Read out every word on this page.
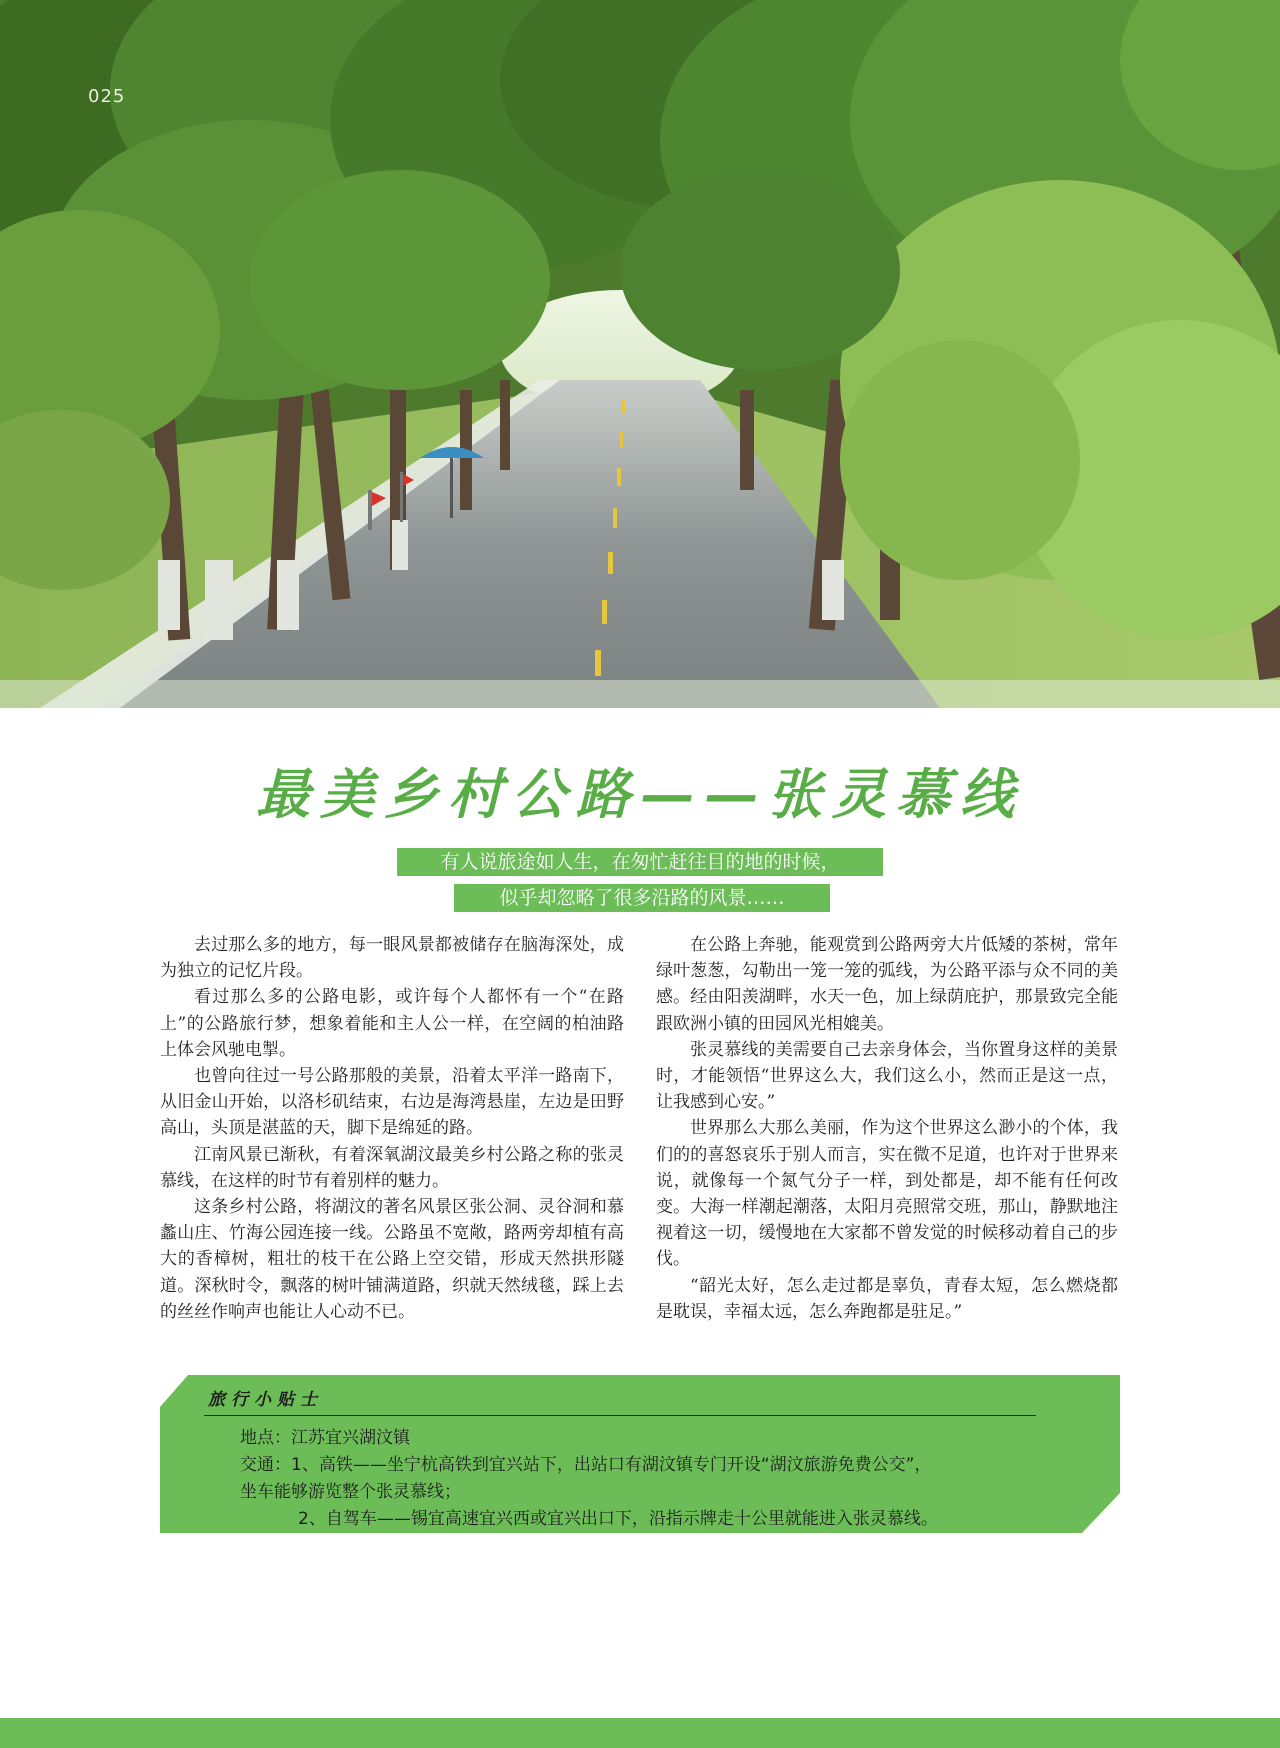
025
最美乡村公路——张灵慕线
有人说旅途如人生，在匆忙赶往目的地的时候，
似乎却忽略了很多沿路的风景……

去过那么多的地方，每一眼风景都被储存在脑海深处，成为独立的记忆片段。

看过那么多的公路电影，或许每个人都怀有一个“在路上”的公路旅行梦，想象着能和主人公一样，在空阔的柏油路上体会风驰电掣。

也曾向往过一号公路那般的美景，沿着太平洋一路南下，从旧金山开始，以洛杉矶结束，右边是海湾悬崖，左边是田野高山，头顶是湛蓝的天，脚下是绵延的路。

江南风景已渐秋，有着深氧湖汶最美乡村公路之称的张灵慕线，在这样的时节有着别样的魅力。

这条乡村公路，将湖汶的著名风景区张公洞、灵谷洞和慕蠡山庄、竹海公园连接一线。公路虽不宽敞，路两旁却植有高大的香樟树，粗壮的枝干在公路上空交错，形成天然拱形隧道。深秋时令，飘落的树叶铺满道路，织就天然绒毯，踩上去的丝丝作响声也能让人心动不已。

在公路上奔驰，能观赏到公路两旁大片低矮的茶树，常年绿叶葱葱，勾勒出一笼一笼的弧线，为公路平添与众不同的美感。经由阳羡湖畔，水天一色，加上绿荫庇护，那景致完全能跟欧洲小镇的田园风光相媲美。

张灵慕线的美需要自己去亲身体会，当你置身这样的美景时，才能领悟“世界这么大，我们这么小，然而正是这一点，让我感到心安。”

世界那么大那么美丽，作为这个世界这么渺小的个体，我们的的喜怒哀乐于别人而言，实在微不足道，也许对于世界来说，就像每一个氮气分子一样，到处都是，却不能有任何改变。大海一样潮起潮落，太阳月亮照常交班，那山，静默地注视着这一切，缓慢地在大家都不曾发觉的时候移动着自己的步伐。

“韶光太好，怎么走过都是辜负，青春太短，怎么燃烧都是耽误，幸福太远，怎么奔跑都是驻足。”

旅行小贴士
地点：江苏宜兴湖汶镇
交通：1、高铁——坐宁杭高铁到宜兴站下，出站口有湖汶镇专门开设“湖汶旅游免费公交”，
坐车能够游览整个张灵慕线；
2、自驾车——锡宜高速宜兴西或宜兴出口下，沿指示牌走十公里就能进入张灵慕线。
